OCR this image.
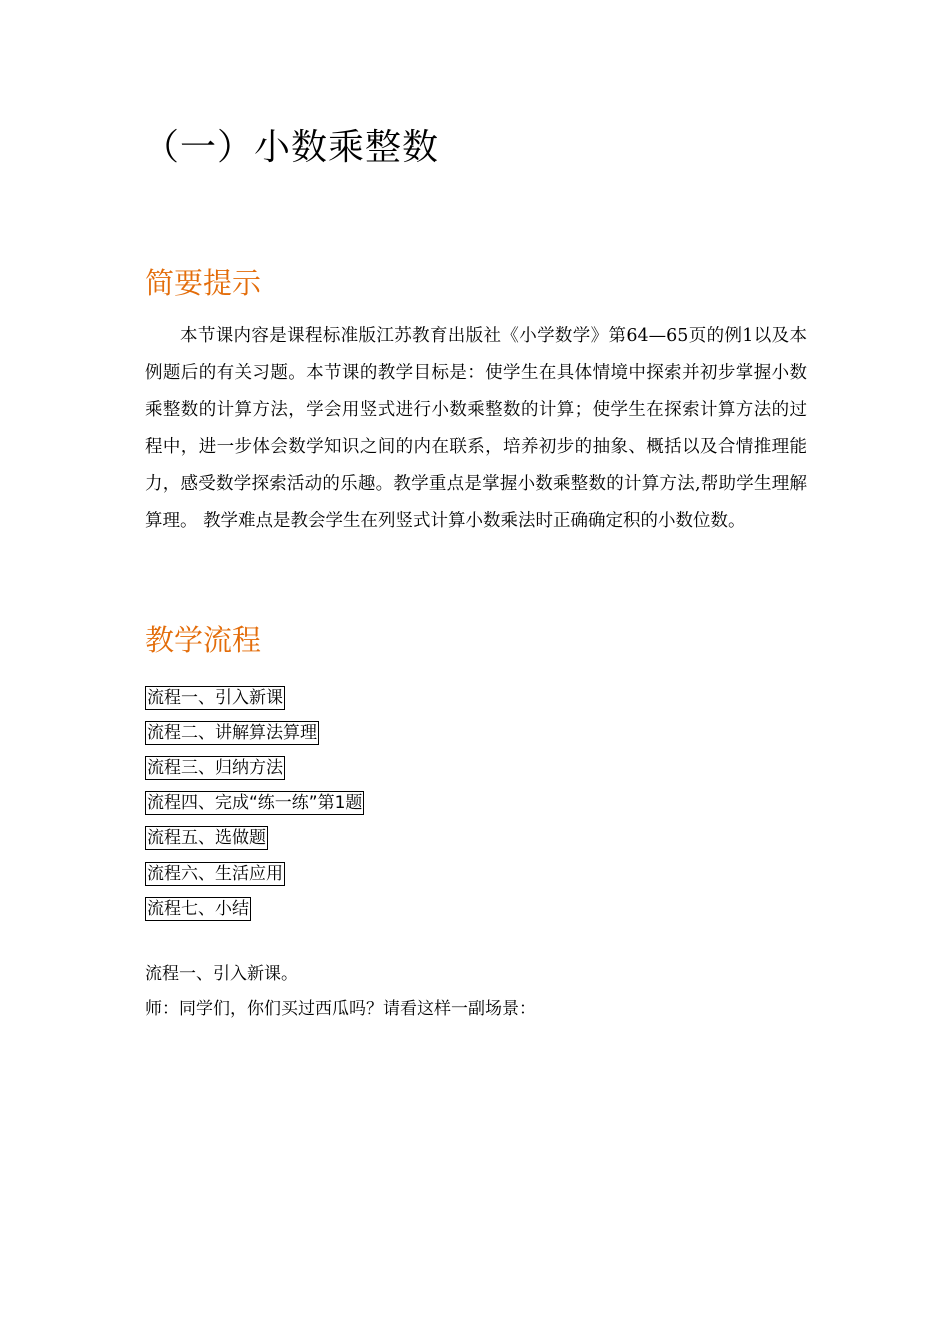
（一）小数乘整数
简要提示

本节课内容是课程标准版江苏教育出版社《小学数学》第64—65页的例1以及本例题后的有关习题。本节课的教学目标是：使学生在具体情境中探索并初步掌握小数乘整数的计算方法，学会用竖式进行小数乘整数的计算；使学生在探索计算方法的过程中，进一步体会数学知识之间的内在联系，培养初步的抽象、概括以及合情推理能力，感受数学探索活动的乐趣。教学重点是掌握小数乘整数的计算方法,帮助学生理解算理。 教学难点是教会学生在列竖式计算小数乘法时正确确定积的小数位数。

教学流程
流程一、引入新课
流程二、讲解算法算理
流程三、归纳方法
流程四、完成“练一练”第1题
流程五、选做题
流程六、生活应用
流程七、小结

流程一、引入新课。

师：同学们，你们买过西瓜吗？请看这样一副场景：
